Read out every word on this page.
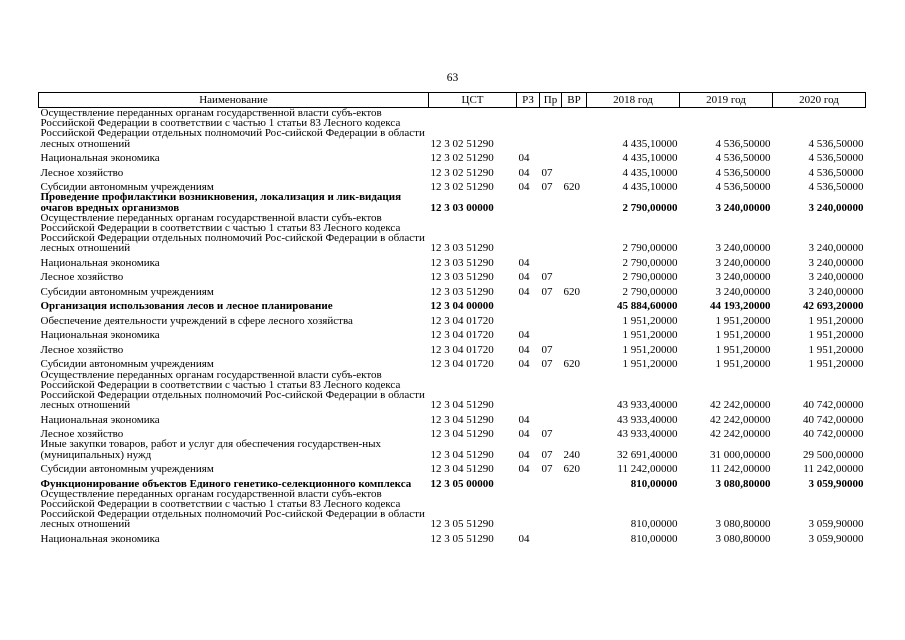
63
Наименование	ЦСТ	РЗ	Пр	ВР	2018 год	2019 год	2020 год
Осуществление переданных органам государственной власти субъ-ектов Российской Федерации в соответствии с частью 1 статьи 83 Лесного кодекса Российской Федерации отдельных полномочий Рос-сийской Федерации в области лесных отношений	12 3 02 51290				4 435,10000	4 536,50000	4 536,50000
Национальная экономика	12 3 02 51290	04			4 435,10000	4 536,50000	4 536,50000
Лесное хозяйство	12 3 02 51290	04	07		4 435,10000	4 536,50000	4 536,50000
Субсидии автономным учреждениям	12 3 02 51290	04	07	620	4 435,10000	4 536,50000	4 536,50000
Проведение профилактики возникновения, локализация и лик-видация очагов вредных организмов	12 3 03 00000				2 790,00000	3 240,00000	3 240,00000
Осуществление переданных органам государственной власти субъ-ектов Российской Федерации в соответствии с частью 1 статьи 83 Лесного кодекса Российской Федерации отдельных полномочий Рос-сийской Федерации в области лесных отношений	12 3 03 51290				2 790,00000	3 240,00000	3 240,00000
Национальная экономика	12 3 03 51290	04			2 790,00000	3 240,00000	3 240,00000
Лесное хозяйство	12 3 03 51290	04	07		2 790,00000	3 240,00000	3 240,00000
Субсидии автономным учреждениям	12 3 03 51290	04	07	620	2 790,00000	3 240,00000	3 240,00000
Организация использования лесов и лесное планирование	12 3 04 00000				45 884,60000	44 193,20000	42 693,20000
Обеспечение деятельности учреждений в сфере лесного хозяйства	12 3 04 01720				1 951,20000	1 951,20000	1 951,20000
Национальная экономика	12 3 04 01720	04			1 951,20000	1 951,20000	1 951,20000
Лесное хозяйство	12 3 04 01720	04	07		1 951,20000	1 951,20000	1 951,20000
Субсидии автономным учреждениям	12 3 04 01720	04	07	620	1 951,20000	1 951,20000	1 951,20000
Осуществление переданных органам государственной власти субъ-ектов Российской Федерации в соответствии с частью 1 статьи 83 Лесного кодекса Российской Федерации отдельных полномочий Рос-сийской Федерации в области лесных отношений	12 3 04 51290				43 933,40000	42 242,00000	40 742,00000
Национальная экономика	12 3 04 51290	04			43 933,40000	42 242,00000	40 742,00000
Лесное хозяйство	12 3 04 51290	04	07		43 933,40000	42 242,00000	40 742,00000
Иные закупки товаров, работ и услуг для обеспечения государствен-ных (муниципальных) нужд	12 3 04 51290	04	07	240	32 691,40000	31 000,00000	29 500,00000
Субсидии автономным учреждениям	12 3 04 51290	04	07	620	11 242,00000	11 242,00000	11 242,00000
Функционирование объектов Единого генетико-селекционного комплекса	12 3 05 00000				810,00000	3 080,80000	3 059,90000
Осуществление переданных органам государственной власти субъ-ектов Российской Федерации в соответствии с частью 1 статьи 83 Лесного кодекса Российской Федерации отдельных полномочий Рос-сийской Федерации в области лесных отношений	12 3 05 51290				810,00000	3 080,80000	3 059,90000
Национальная экономика	12 3 05 51290	04			810,00000	3 080,80000	3 059,90000
